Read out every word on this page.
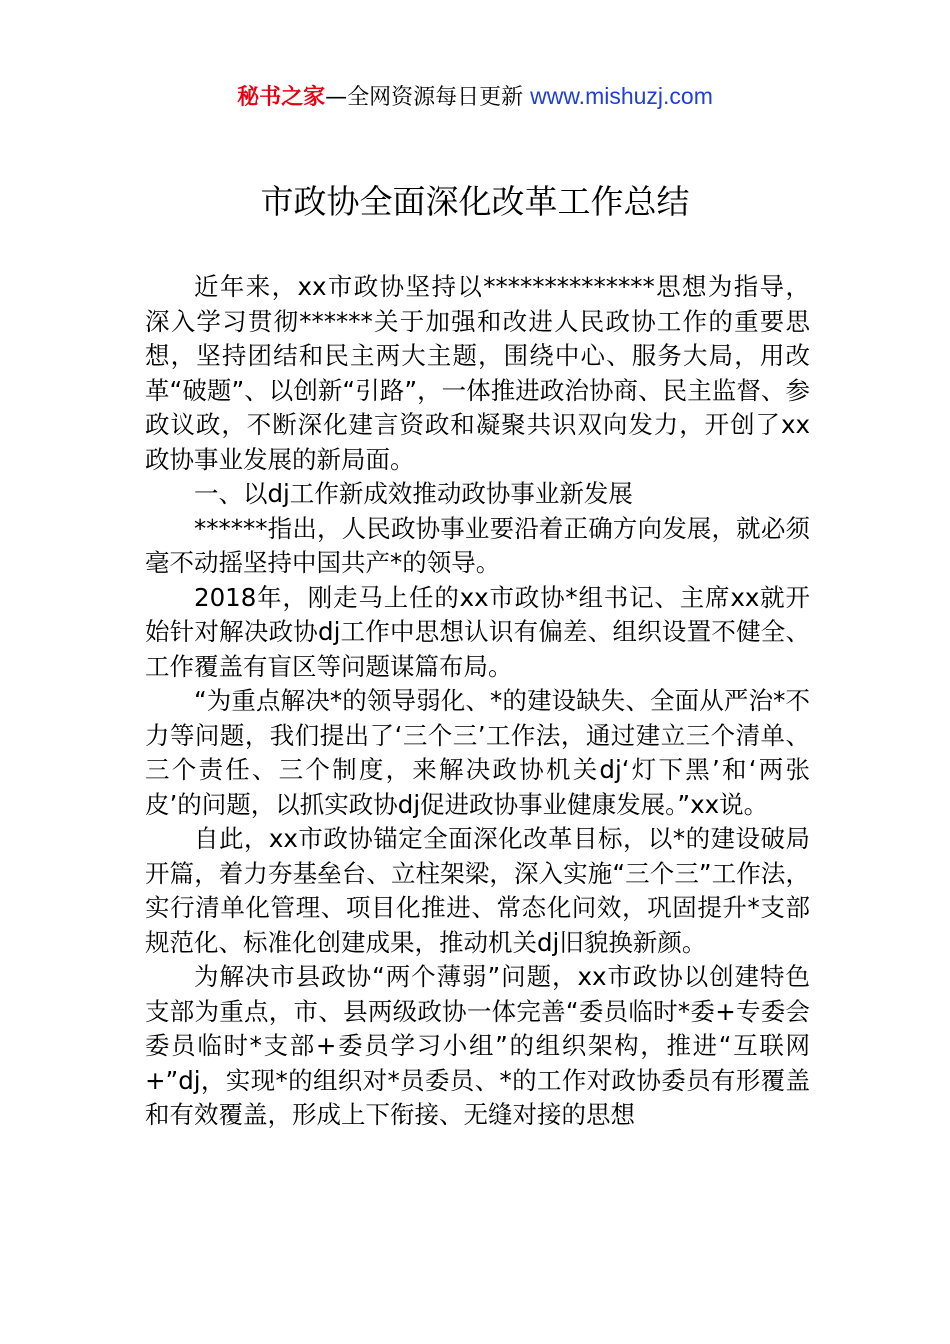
秘书之家—全网资源每日更新 www.mishuzj.com
市政协全面深化改革工作总结

近年来，xx市政协坚持以**************思想为指导，深入学习贯彻******关于加强和改进人民政协工作的重要思想，坚持团结和民主两大主题，围绕中心、服务大局，用改革“破题”、以创新“引路”，一体推进政治协商、民主监督、参政议政，不断深化建言资政和凝聚共识双向发力，开创了xx政协事业发展的新局面。

一、以dj工作新成效推动政协事业新发展

******指出，人民政协事业要沿着正确方向发展，就必须毫不动摇坚持中国共产*的领导。

2018年，刚走马上任的xx市政协*组书记、主席xx就开始针对解决政协dj工作中思想认识有偏差、组织设置不健全、工作覆盖有盲区等问题谋篇布局。

“为重点解决*的领导弱化、*的建设缺失、全面从严治*不力等问题，我们提出了‘三个三’工作法，通过建立三个清单、三个责任、三个制度，来解决政协机关dj‘灯下黑’和‘两张皮’的问题，以抓实政协dj促进政协事业健康发展。”xx说。

自此，xx市政协锚定全面深化改革目标，以*的建设破局开篇，着力夯基垒台、立柱架梁，深入实施“三个三”工作法，实行清单化管理、项目化推进、常态化问效，巩固提升*支部规范化、标准化创建成果，推动机关dj旧貌换新颜。

为解决市县政协“两个薄弱”问题，xx市政协以创建特色支部为重点，市、县两级政协一体完善“委员临时*委+专委会委员临时*支部+委员学习小组”的组织架构，推进“互联网+”dj，实现*的组织对*员委员、*的工作对政协委员有形覆盖和有效覆盖，形成上下衔接、无缝对接的思想
